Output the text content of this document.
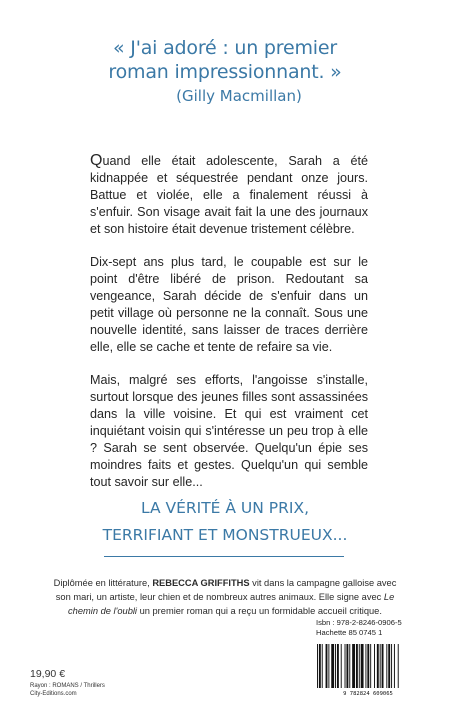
« J'ai adoré : un premier
roman impressionnant. »
(Gilly Macmillan)

Quand elle était adolescente, Sarah a été kidnappée et séquestrée pendant onze jours. Battue et violée, elle a finalement réussi à s'enfuir. Son visage avait fait la une des journaux et son histoire était devenue tristement célèbre.

Dix-sept ans plus tard, le coupable est sur le point d'être libéré de prison. Redoutant sa vengeance, Sarah décide de s'enfuir dans un petit village où personne ne la connaît. Sous une nouvelle identité, sans laisser de traces derrière elle, elle se cache et tente de refaire sa vie.

Mais, malgré ses efforts, l'angoisse s'installe, surtout lorsque des jeunes filles sont assassinées dans la ville voisine. Et qui est vraiment cet inquiétant voisin qui s'intéresse un peu trop à elle ? Sarah se sent observée. Quelqu'un épie ses moindres faits et gestes. Quelqu'un qui semble tout savoir sur elle...

LA VÉRITÉ À UN PRIX,
TERRIFIANT ET MONSTRUEUX...
Diplômée en littérature, REBECCA GRIFFITHS vit dans la campagne galloise avec son mari, un artiste, leur chien et de nombreux autres animaux. Elle signe avec Le chemin de l'oubli un premier roman qui a reçu un formidable accueil critique.
19,90 €
Rayon : ROMANS / Thrillers
City-Editions.com
Isbn : 978-2-8246-0906-5
Hachette 85 0745 1
9 782824 609065
